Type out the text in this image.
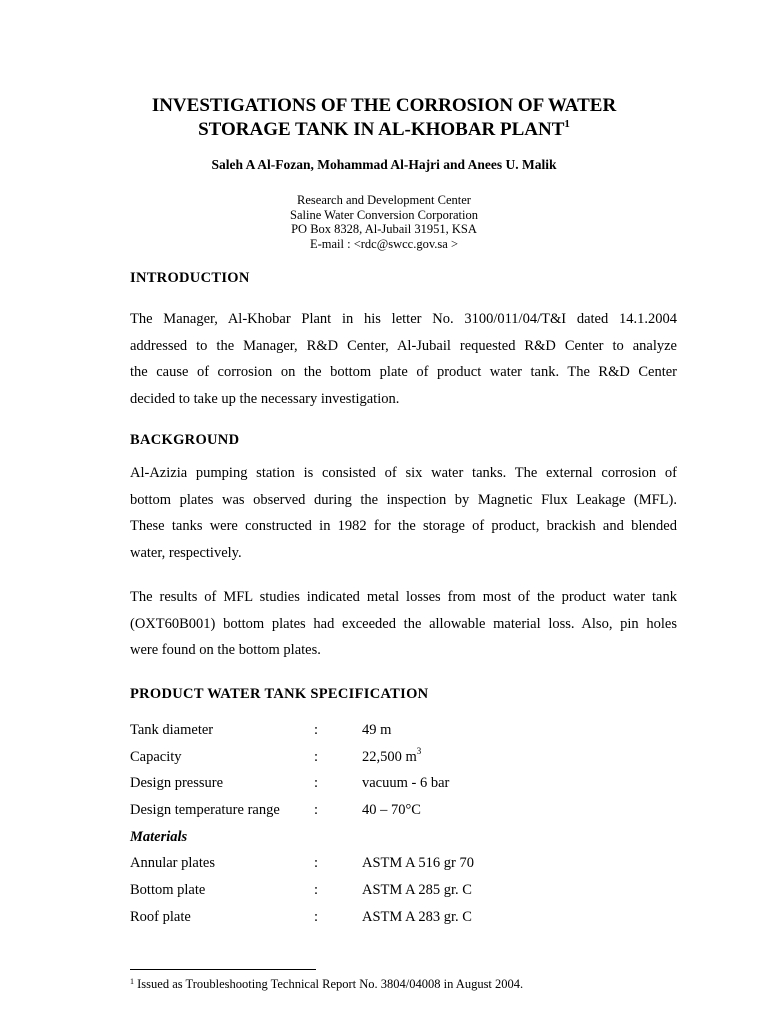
INVESTIGATIONS OF THE CORROSION OF WATER
STORAGE TANK IN AL-KHOBAR PLANT$^1$
Saleh A Al-Fozan, Mohammad Al-Hajri and Anees U. Malik
Research and Development Center
Saline Water Conversion Corporation
PO Box 8328, Al-Jubail 31951, KSA
E-mail : <rdc@swcc.gov.sa >
INTRODUCTION
The Manager, Al-Khobar Plant in his letter No. 3100/011/04/T&I dated 14.1.2004
addressed to the Manager, R&D Center, Al-Jubail requested R&D Center to analyze
the cause of corrosion on the bottom plate of product water tank. The R&D Center
decided to take up the necessary investigation.
BACKGROUND
Al-Azizia pumping station is consisted of six water tanks. The external corrosion of
bottom plates was observed during the inspection by Magnetic Flux Leakage (MFL).
These tanks were constructed in 1982 for the storage of product, brackish and blended
water, respectively.
The results of MFL studies indicated metal losses from most of the product water tank
(OXT60B001) bottom plates had exceeded the allowable material loss. Also, pin holes
were found on the bottom plates.
PRODUCT WATER TANK SPECIFICATION
Tank diameter	:	49 m
Capacity	:	22,500 $m^3$
Design pressure	:	vacuum - 6 bar
Design temperature range :	40 – 70°C
Materials
Annular plates	:	ASTM A 516 gr 70
Bottom plate	:	ASTM A 285 gr. C
Roof plate	:	ASTM A 283 gr. C
$^1$ Issued as Troubleshooting Technical Report No. 3804/04008 in August 2004.
